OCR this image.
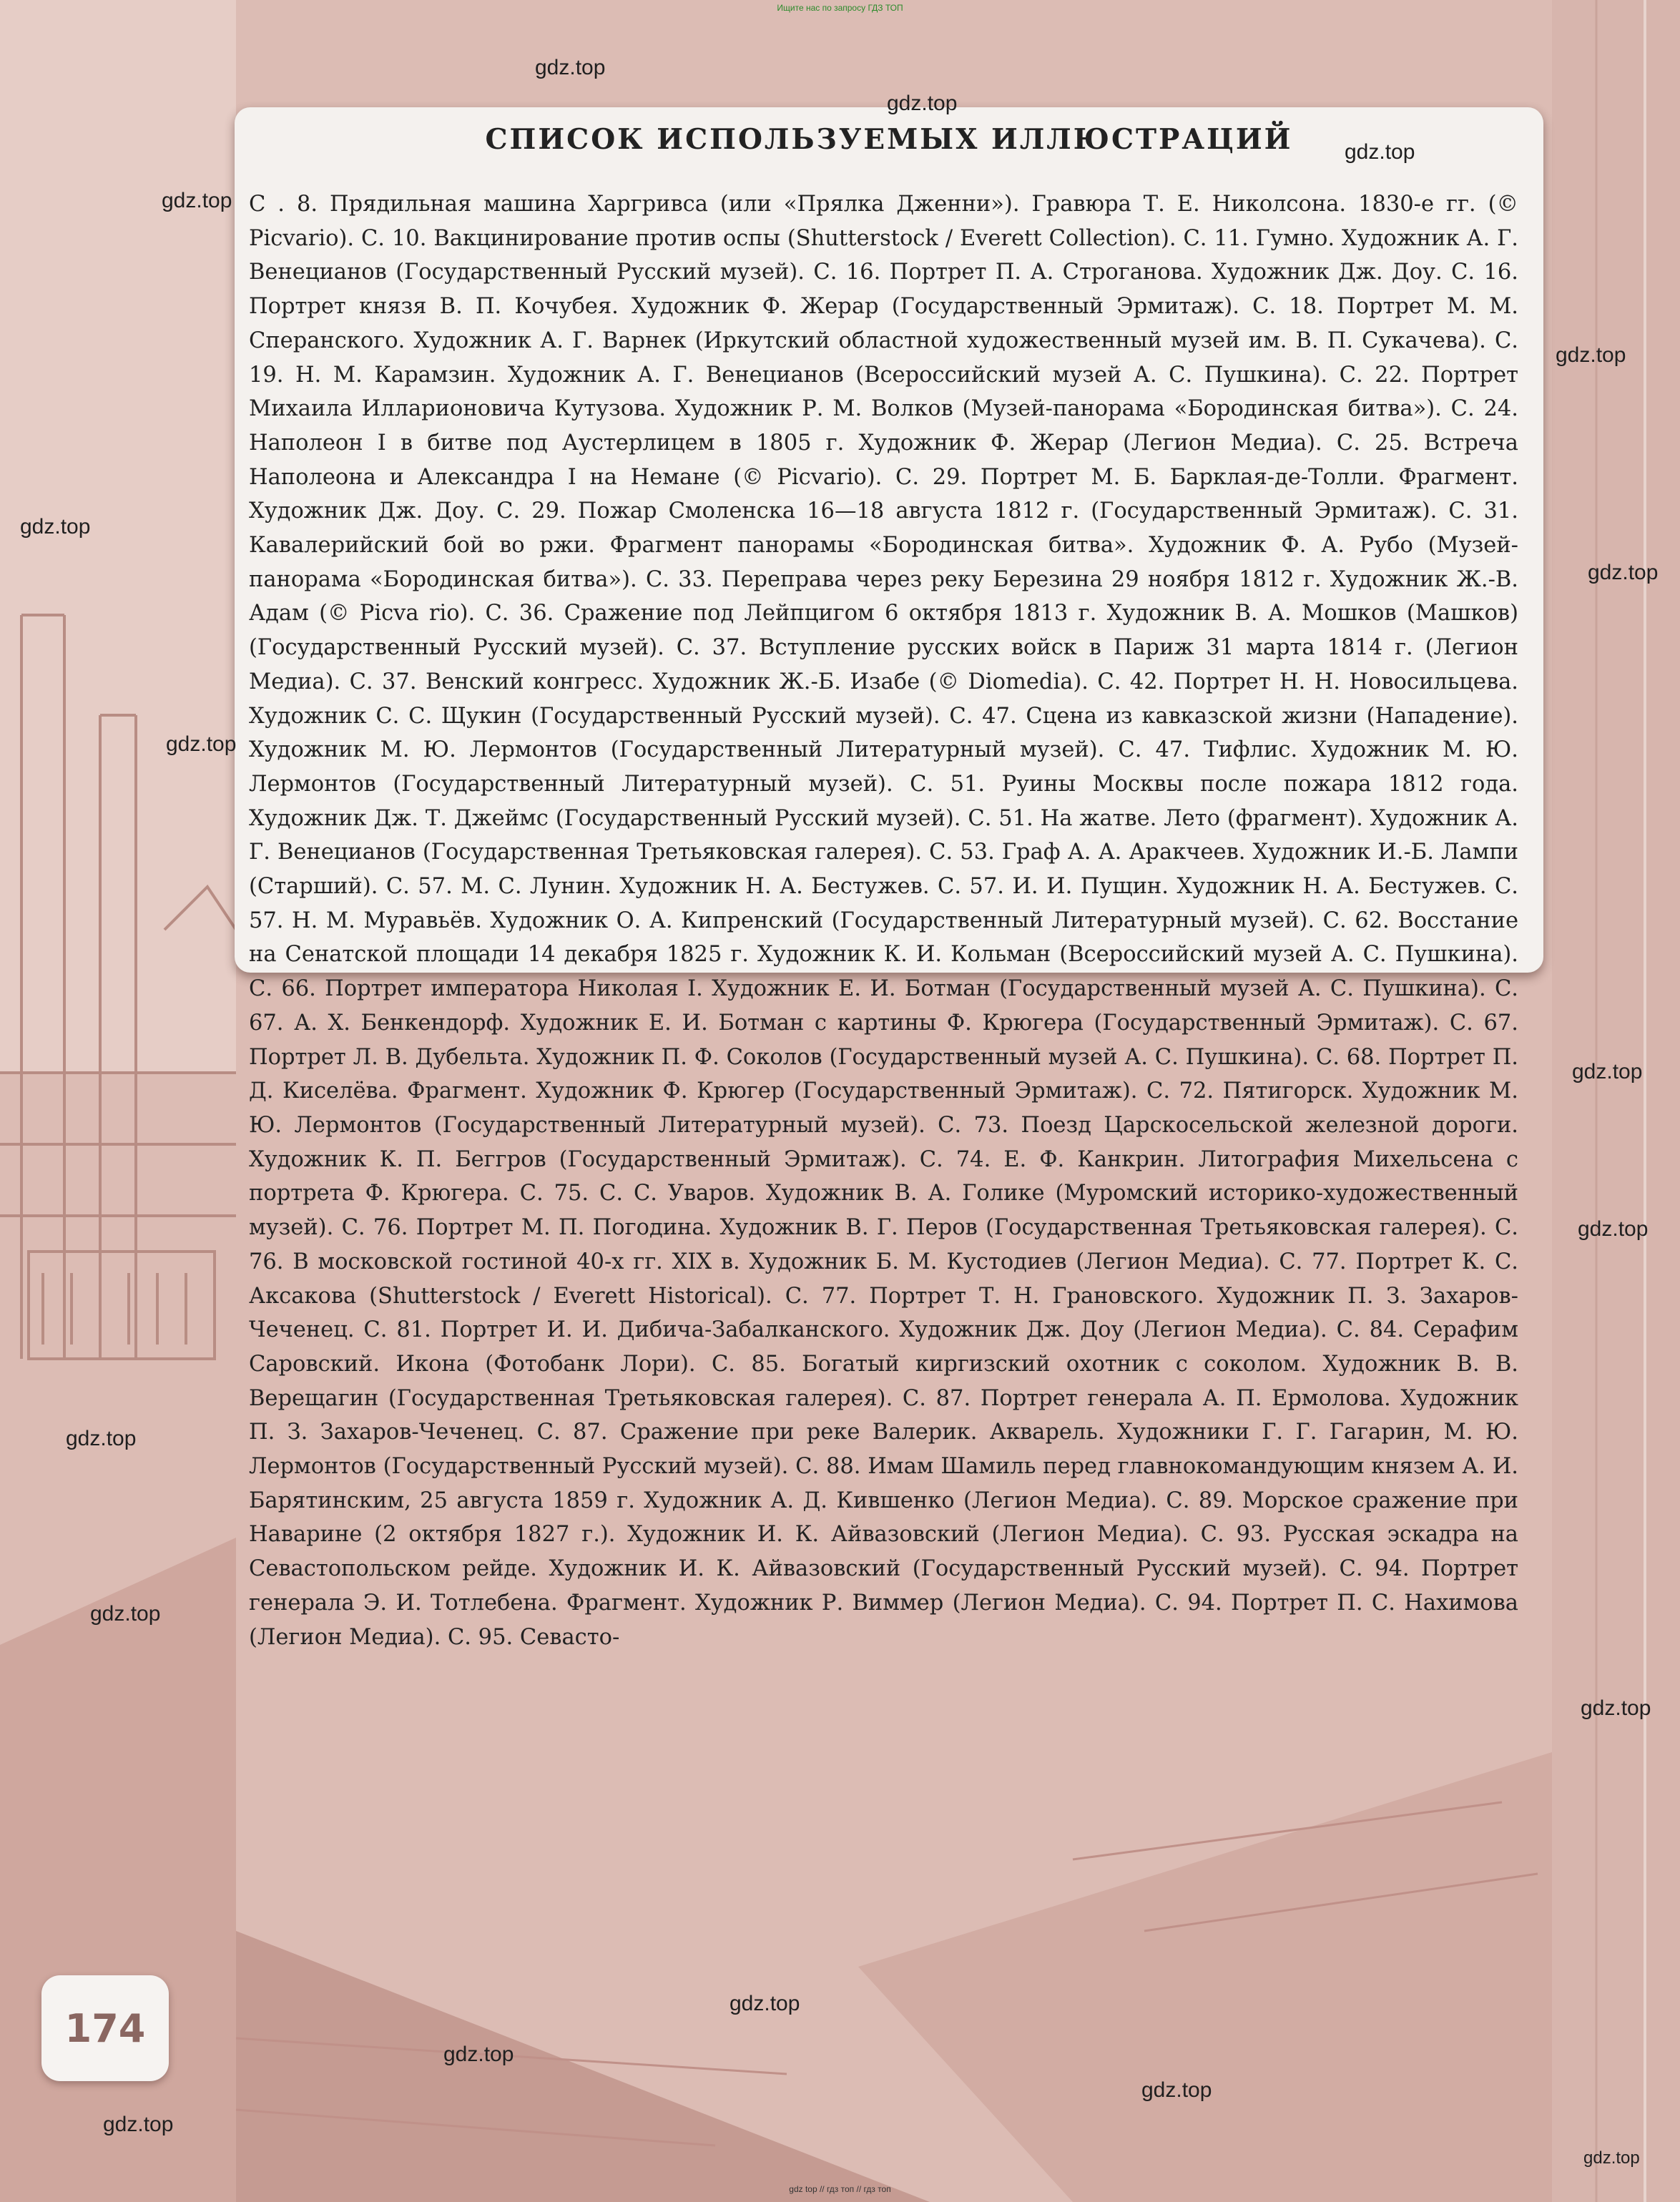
Ищите нас по запросу ГДЗ ТОП
СПИСОК ИСПОЛЬЗУЕМЫХ ИЛЛЮСТРАЦИЙ
С . 8. Прядильная машина Харгривса (или «Прялка Дженни»). Гравюра Т. Е. Николсона. 1830-е гг. (© Picvario). С. 10. Вакцинирование против оспы (Shutterstock / Everett Collection). С. 11. Гумно. Художник А. Г. Венецианов (Государственный Русский музей). С. 16. Портрет П. А. Строганова. Художник Дж. Доу. С. 16. Портрет князя В. П. Кочубея. Художник Ф. Жерар (Государственный Эрмитаж). С. 18. Портрет М. М. Сперанского. Художник А. Г. Варнек (Иркутский областной художественный музей им. В. П. Сукачева). С. 19. Н. М. Карамзин. Художник А. Г. Венецианов (Всероссийский музей А. С. Пушкина). С. 22. Портрет Михаила Илларионовича Кутузова. Художник Р. М. Волков (Музей-панорама «Бородинская битва»). С. 24. Наполеон I в битве под Аустерлицем в 1805 г. Художник Ф. Жерар (Легион Медиа). С. 25. Встреча Наполеона и Александра I на Немане (© Picvario). С. 29. Портрет М. Б. Барклая-де-Толли. Фрагмент. Художник Дж. Доу. С. 29. Пожар Смоленска 16—18 августа 1812 г. (Государственный Эрмитаж). С. 31. Кавалерийский бой во ржи. Фрагмент панорамы «Бородинская битва». Художник Ф. А. Рубо (Музей-панорама «Бородинская битва»). С. 33. Переправа через реку Березина 29 ноября 1812 г. Художник Ж.-В. Адам (© Picva rio). С. 36. Сражение под Лейпцигом 6 октября 1813 г. Художник В. А. Мошков (Машков) (Государственный Русский музей). С. 37. Вступление русских войск в Париж 31 марта 1814 г. (Легион Медиа). С. 37. Венский конгресс. Художник Ж.-Б. Изабе (© Diomedia). С. 42. Портрет Н. Н. Новосильцева. Художник С. С. Щукин (Государственный Русский музей). С. 47. Сцена из кавказской жизни (Нападение). Художник М. Ю. Лермонтов (Государственный Литературный музей). С. 47. Тифлис. Художник М. Ю. Лермонтов (Государственный Литературный музей). С. 51. Руины Москвы после пожара 1812 года. Художник Дж. Т. Джеймс (Государственный Русский музей). С. 51. На жатве. Лето (фрагмент). Художник А. Г. Венецианов (Государственная Третьяковская галерея). С. 53. Граф А. А. Аракчеев. Художник И.-Б. Лампи (Старший). С. 57. М. С. Лунин. Художник Н. А. Бестужев. С. 57. И. И. Пущин. Художник Н. А. Бестужев. С. 57. Н. М. Муравьёв. Художник О. А. Кипренский (Государственный Литературный музей). С. 62. Восстание на Сенатской площади 14 декабря 1825 г. Художник К. И. Кольман (Всероссийский музей А. С. Пушкина). С. 66. Портрет императора Николая I. Художник Е. И. Ботман (Государственный музей А. С. Пушкина). С. 67. А. Х. Бенкендорф. Художник Е. И. Ботман с картины Ф. Крюгера (Государственный Эрмитаж). С. 67. Портрет Л. В. Дубельта. Художник П. Ф. Соколов (Государственный музей А. С. Пушкина). С. 68. Портрет П. Д. Киселёва. Фрагмент. Художник Ф. Крюгер (Государственный Эрмитаж). С. 72. Пятигорск. Художник М. Ю. Лермонтов (Государственный Литературный музей). С. 73. Поезд Царскосельской железной дороги. Художник К. П. Беггров (Государственный Эрмитаж). С. 74. Е. Ф. Канкрин. Литография Михельсена с портрета Ф. Крюгера. С. 75. С. С. Уваров. Художник В. А. Голике (Муромский историко-художественный музей). С. 76. Портрет М. П. Погодина. Художник В. Г. Перов (Государственная Третьяковская галерея). С. 76. В московской гостиной 40-х гг. XIX в. Художник Б. М. Кустодиев (Легион Медиа). С. 77. Портрет К. С. Аксакова (Shutterstock / Everett Historical). С. 77. Портрет Т. Н. Грановского. Художник П. З. Захаров-Чеченец. С. 81. Портрет И. И. Дибича-Забалканского. Художник Дж. Доу (Легион Медиа). С. 84. Серафим Саровский. Икона (Фотобанк Лори). С. 85. Богатый киргизский охотник с соколом. Художник В. В. Верещагин (Государственная Третьяковская галерея). С. 87. Портрет генерала А. П. Ермолова. Художник П. З. Захаров-Чеченец. С. 87. Сражение при реке Валерик. Акварель. Художники Г. Г. Гагарин, М. Ю. Лермонтов (Государственный Русский музей). С. 88. Имам Шамиль перед главнокомандующим князем А. И. Барятинским, 25 августа 1859 г. Художник А. Д. Кившенко (Легион Медиа). С. 89. Морское сражение при Наварине (2 октября 1827 г.). Художник И. К. Айвазовский (Легион Медиа). С. 93. Русская эскадра на Севастопольском рейде. Художник И. К. Айвазовский (Государственный Русский музей). С. 94. Портрет генерала Э. И. Тотлебена. Фрагмент. Художник Р. Виммер (Легион Медиа). С. 94. Портрет П. С. Нахимова (Легион Медиа). С. 95. Севасто-
174
gdz.top
gdz.top
gdz.top
gdz.top
gdz.top
gdz.top
gdz.top
gdz.top
gdz.top
gdz.top
gdz.top
gdz.top
gdz.top
gdz.top
gdz.top
gdz.top
gdz.top
gdz.top
gdz top // гдз топ // гдз топ
